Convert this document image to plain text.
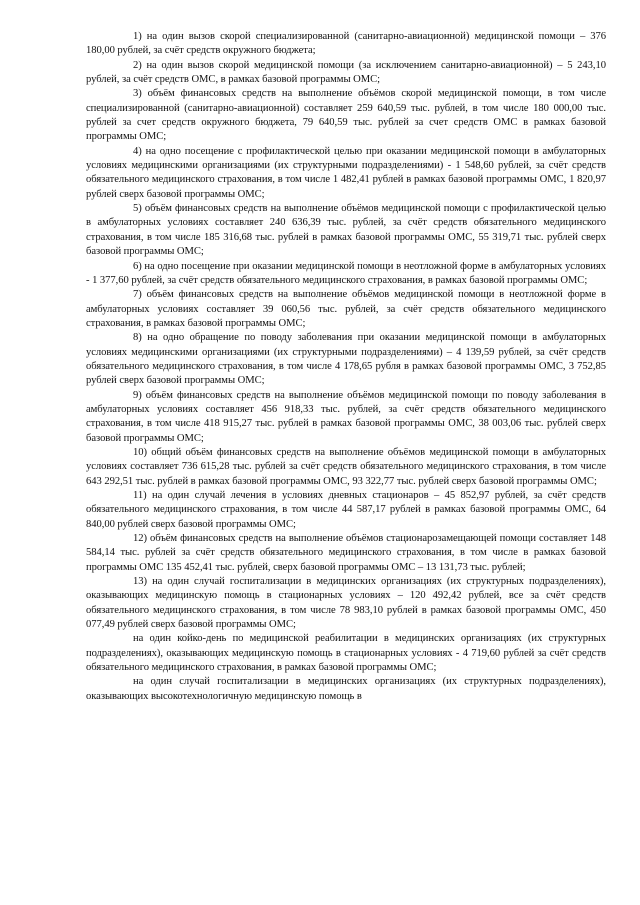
1) на один вызов скорой специализированной (санитарно-авиационной) медицинской помощи – 376 180,00 рублей, за счёт средств окружного бюджета;

2) на один вызов скорой медицинской помощи (за исключением санитарно-авиационной) – 5 243,10 рублей, за счёт средств ОМС, в рамках базовой программы ОМС;

3) объём финансовых средств на выполнение объёмов скорой медицинской помощи, в том числе специализированной (санитарно-авиационной) составляет 259 640,59 тыс. рублей, в том числе 180 000,00 тыс. рублей за счет средств окружного бюджета, 79 640,59 тыс. рублей за счет средств ОМС в рамках базовой программы ОМС;

4) на одно посещение с профилактической целью при оказании медицинской помощи в амбулаторных условиях медицинскими организациями (их структурными подразделениями) - 1 548,60 рублей, за счёт средств обязательного медицинского страхования, в том числе 1 482,41 рублей в рамках базовой программы ОМС, 1 820,97 рублей сверх базовой программы ОМС;

5) объём финансовых средств на выполнение объёмов медицинской помощи с профилактической целью в амбулаторных условиях составляет 240 636,39 тыс. рублей, за счёт средств обязательного медицинского страхования, в том числе 185 316,68 тыс. рублей в рамках базовой программы ОМС, 55 319,71 тыс. рублей сверх базовой программы ОМС;

6) на одно посещение при оказании медицинской помощи в неотложной форме в амбулаторных условиях - 1 377,60 рублей, за счёт средств обязательного медицинского страхования, в рамках базовой программы ОМС;

7) объём финансовых средств на выполнение объёмов медицинской помощи в неотложной форме в амбулаторных условиях составляет 39 060,56 тыс. рублей, за счёт средств обязательного медицинского страхования, в рамках базовой программы ОМС;

8) на одно обращение по поводу заболевания при оказании медицинской помощи в амбулаторных условиях медицинскими организациями (их структурными подразделениями) – 4 139,59 рублей, за счёт средств обязательного медицинского страхования, в том числе 4 178,65 рубля в рамках базовой программы ОМС, 3 752,85 рублей сверх базовой программы ОМС;

9) объём финансовых средств на выполнение объёмов медицинской помощи по поводу заболевания в амбулаторных условиях составляет 456 918,33 тыс. рублей, за счёт средств обязательного медицинского страхования, в том числе 418 915,27 тыс. рублей в рамках базовой программы ОМС, 38 003,06 тыс. рублей сверх базовой программы ОМС;

10) общий объём финансовых средств на выполнение объёмов медицинской помощи в амбулаторных условиях составляет 736 615,28 тыс. рублей за счёт средств обязательного медицинского страхования, в том числе 643 292,51 тыс. рублей в рамках базовой программы ОМС, 93 322,77 тыс. рублей сверх базовой программы ОМС;

11) на один случай лечения в условиях дневных стационаров – 45 852,97 рублей, за счёт средств обязательного медицинского страхования, в том числе 44 587,17 рублей в рамках базовой программы ОМС, 64 840,00 рублей сверх базовой программы ОМС;

12) объём финансовых средств на выполнение объёмов стационарозамещающей помощи составляет 148 584,14 тыс. рублей за счёт средств обязательного медицинского страхования, в том числе в рамках базовой программы ОМС 135 452,41 тыс. рублей, сверх базовой программы ОМС – 13 131,73 тыс. рублей;

13) на один случай госпитализации в медицинских организациях (их структурных подразделениях), оказывающих медицинскую помощь в стационарных условиях – 120 492,42 рублей, все за счёт средств обязательного медицинского страхования, в том числе 78 983,10 рублей в рамках базовой программы ОМС, 450 077,49 рублей сверх базовой программы ОМС;

на один койко-день по медицинской реабилитации в медицинских организациях (их структурных подразделениях), оказывающих медицинскую помощь в стационарных условиях - 4 719,60 рублей за счёт средств обязательного медицинского страхования, в рамках базовой программы ОМС;

на один случай госпитализации в медицинских организациях (их структурных подразделениях), оказывающих высокотехнологичную медицинскую помощь в
